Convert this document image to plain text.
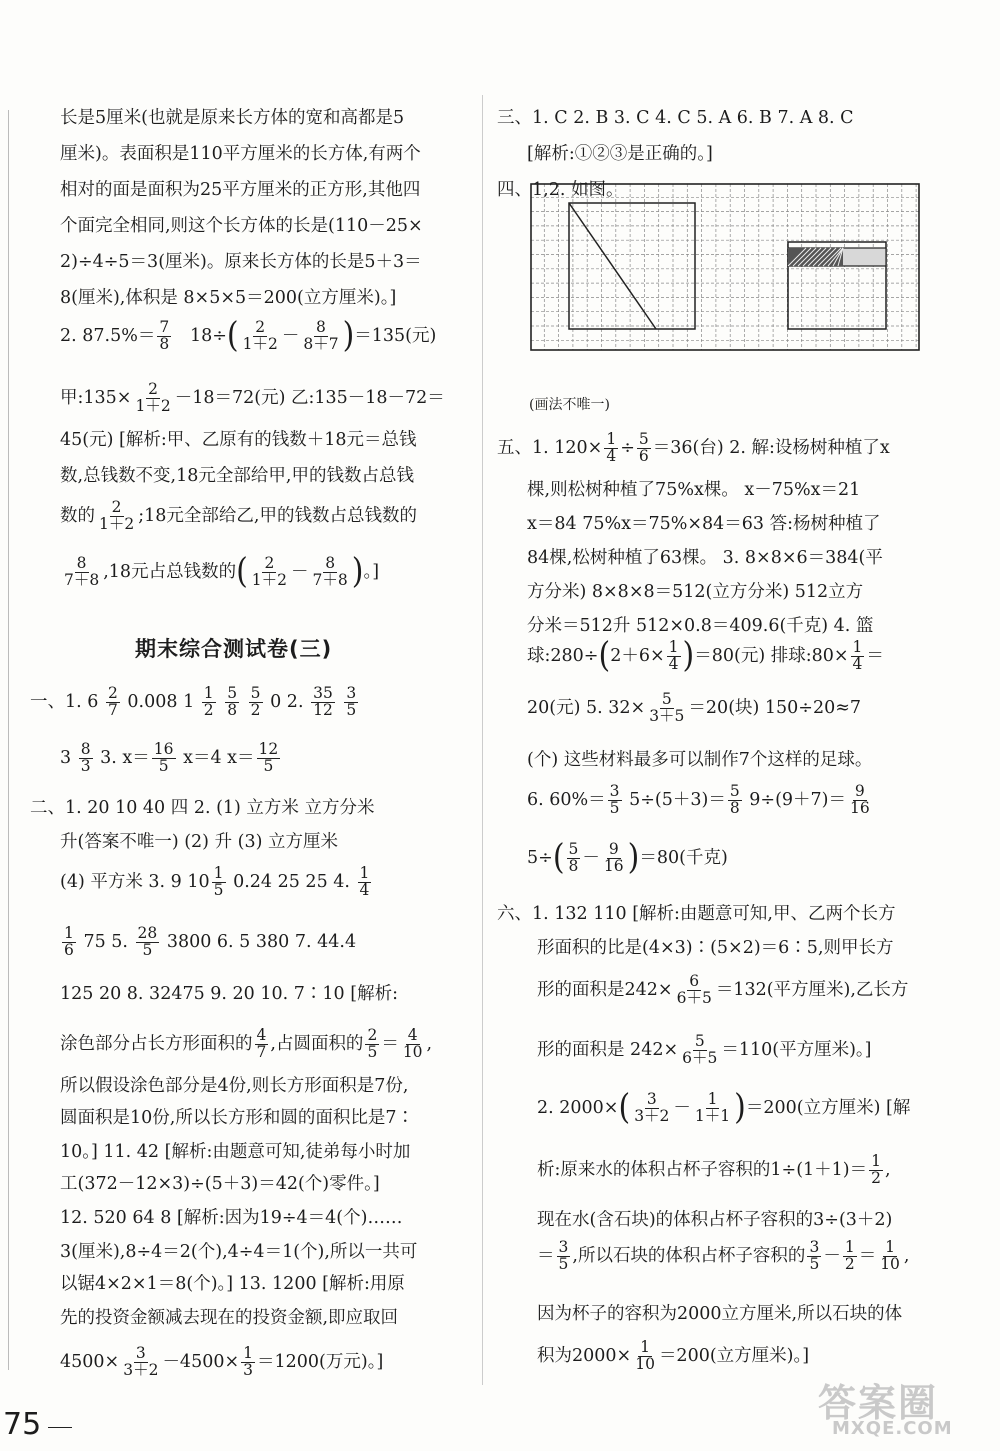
长是5厘米(也就是原来长方体的宽和高都是5
厘米)。表面积是110平方厘米的长方体,有两个
相对的面是面积为25平方厘米的正方形,其他四
个面完全相同,则这个长方体的长是(110－25×
2)÷4÷5＝3(厘米)。原来长方体的长是5＋3＝
8(厘米),体积是 8×5×5＝200(立方厘米)。]
2. $87.5\%= \frac{7}{8} 18\div( \frac{2}{1+2} - \frac{8}{8+7} )=135$(元)
甲:135× $\frac{2}{1+2} -18=72$(元) 乙:135－18－72＝
45(元) [解析:甲、乙原有的钱数＋18元＝总钱
数,总钱数不变,18元全部给甲,甲的钱数占总钱
数的 $\frac{2}{1+2}$ ;18元全部给乙,甲的钱数占总钱数的
$\frac{8}{7+8} ,18$元占总钱数的( $\frac{2}{1+2} - \frac{8}{7+8}$ )。]
一、1. $6 \frac{2}{7} 0.008$ $1 \frac{1}{2}$
$\frac{5}{8}$
$\frac{5}{2} 0$ 2. $\frac{35}{12}$
$\frac{3}{5}$
$3 \frac{8}{3} 3$. $x= \frac{16}{5} x=4$ $x= \frac{12}{5}$
二、1. 20 10 40 四 2. (1) 立方米 立方分米
升(答案不唯一) (2) 升 (3) 立方厘米
(4) 平方米 3. 9 $10 \frac{1}{5} 0.24$ 25 25 4. $\frac{1}{4}$
$\frac{1}{6} 75$ 5. $\frac{28}{5} 3800$ 6. 5 380 7. 44.4
125 20 8. 32475 9. 20 10. 7∶10 [解析:
涂色部分占长方形面积的 $\frac{4}{7}$ ,占圆面积的 $\frac{2}{5} = \frac{4}{10}$ ,
所以假设涂色部分是4份,则长方形面积是7份,
圆面积是10份,所以长方形和圆的面积比是7∶
10。] 11. 42 [解析:由题意可知,徒弟每小时加
工(372－12×3)÷(5＋3)＝42(个)零件。]
12. 520 64 8 [解析:因为19÷4＝4(个)……
3(厘米),8÷4＝2(个),4÷4＝1(个),所以一共可
以锯4×2×1＝8(个)。] 13. 1200 [解析:用原
先的投资金额减去现在的投资金额,即应取回
$4500\times \frac{3}{3+2} -4500\times \frac{1}{3} =1200$(万元)。]
期末综合测试卷(三)
三、1. C 2. B 3. C 4. C 5. A 6. B 7. A 8. C
[解析:①②③是正确的。]
四、1,2. 如图。
(画法不唯一)
五、1. $120\times \frac{1}{4} \div \frac{5}{6} =36$(台) 2. 解:设杨树种植了x
棵,则松树种植了75%x棵。 x－75%x＝21
x＝84 75%x＝75%×84＝63 答:杨树种植了
84棵,松树种植了63棵。 3. 8×8×6＝384(平
方分米) 8×8×8＝512(立方分米) 512立方
分米＝512升 512×0.8＝409.6(千克) 4. 篮
球:280÷(2＋6× $\frac{1}{4} )=80$(元) 排球:80× $\frac{1}{4}$ ＝
20(元) 5. $32\times \frac{5}{3+5} =20$(块) 150÷20≈7
(个) 这些材料最多可以制作7个这样的足球。
6. $60\%= \frac{3}{5} 5\div(5+3)= \frac{5}{8} 9\div(9+7)= \frac{9}{16}$
$5\div( \frac{5}{8} - \frac{9}{16} )=80$(千克)
六、1. 132 110 [解析:由题意可知,甲、乙两个长方
形面积的比是(4×3)∶(5×2)＝6∶5,则甲长方
形的面积是$242\times \frac{6}{6+5} =132$(平方厘米),乙长方
形的面积是 $242\times \frac{5}{6+5} =110$(平方厘米)。]
2. $2000\times( \frac{3}{3+2} - \frac{1}{1+1} )=200$(立方厘米) [解
析:原来水的体积占杯子容积的$1\div(1+1)= \frac{1}{2}$ ,
现在水(含石块)的体积占杯子容积的3÷(3＋2)
＝ $\frac{3}{5}$ ,所以石块的体积占杯子容积的 $\frac{3}{5} - \frac{1}{2} = \frac{1}{10}$ ,
因为杯子的容积为2000立方厘米,所以石块的体
积为$2000\times \frac{1}{10} =200$(立方厘米)。]
75	答案圈
MXQE.COM
